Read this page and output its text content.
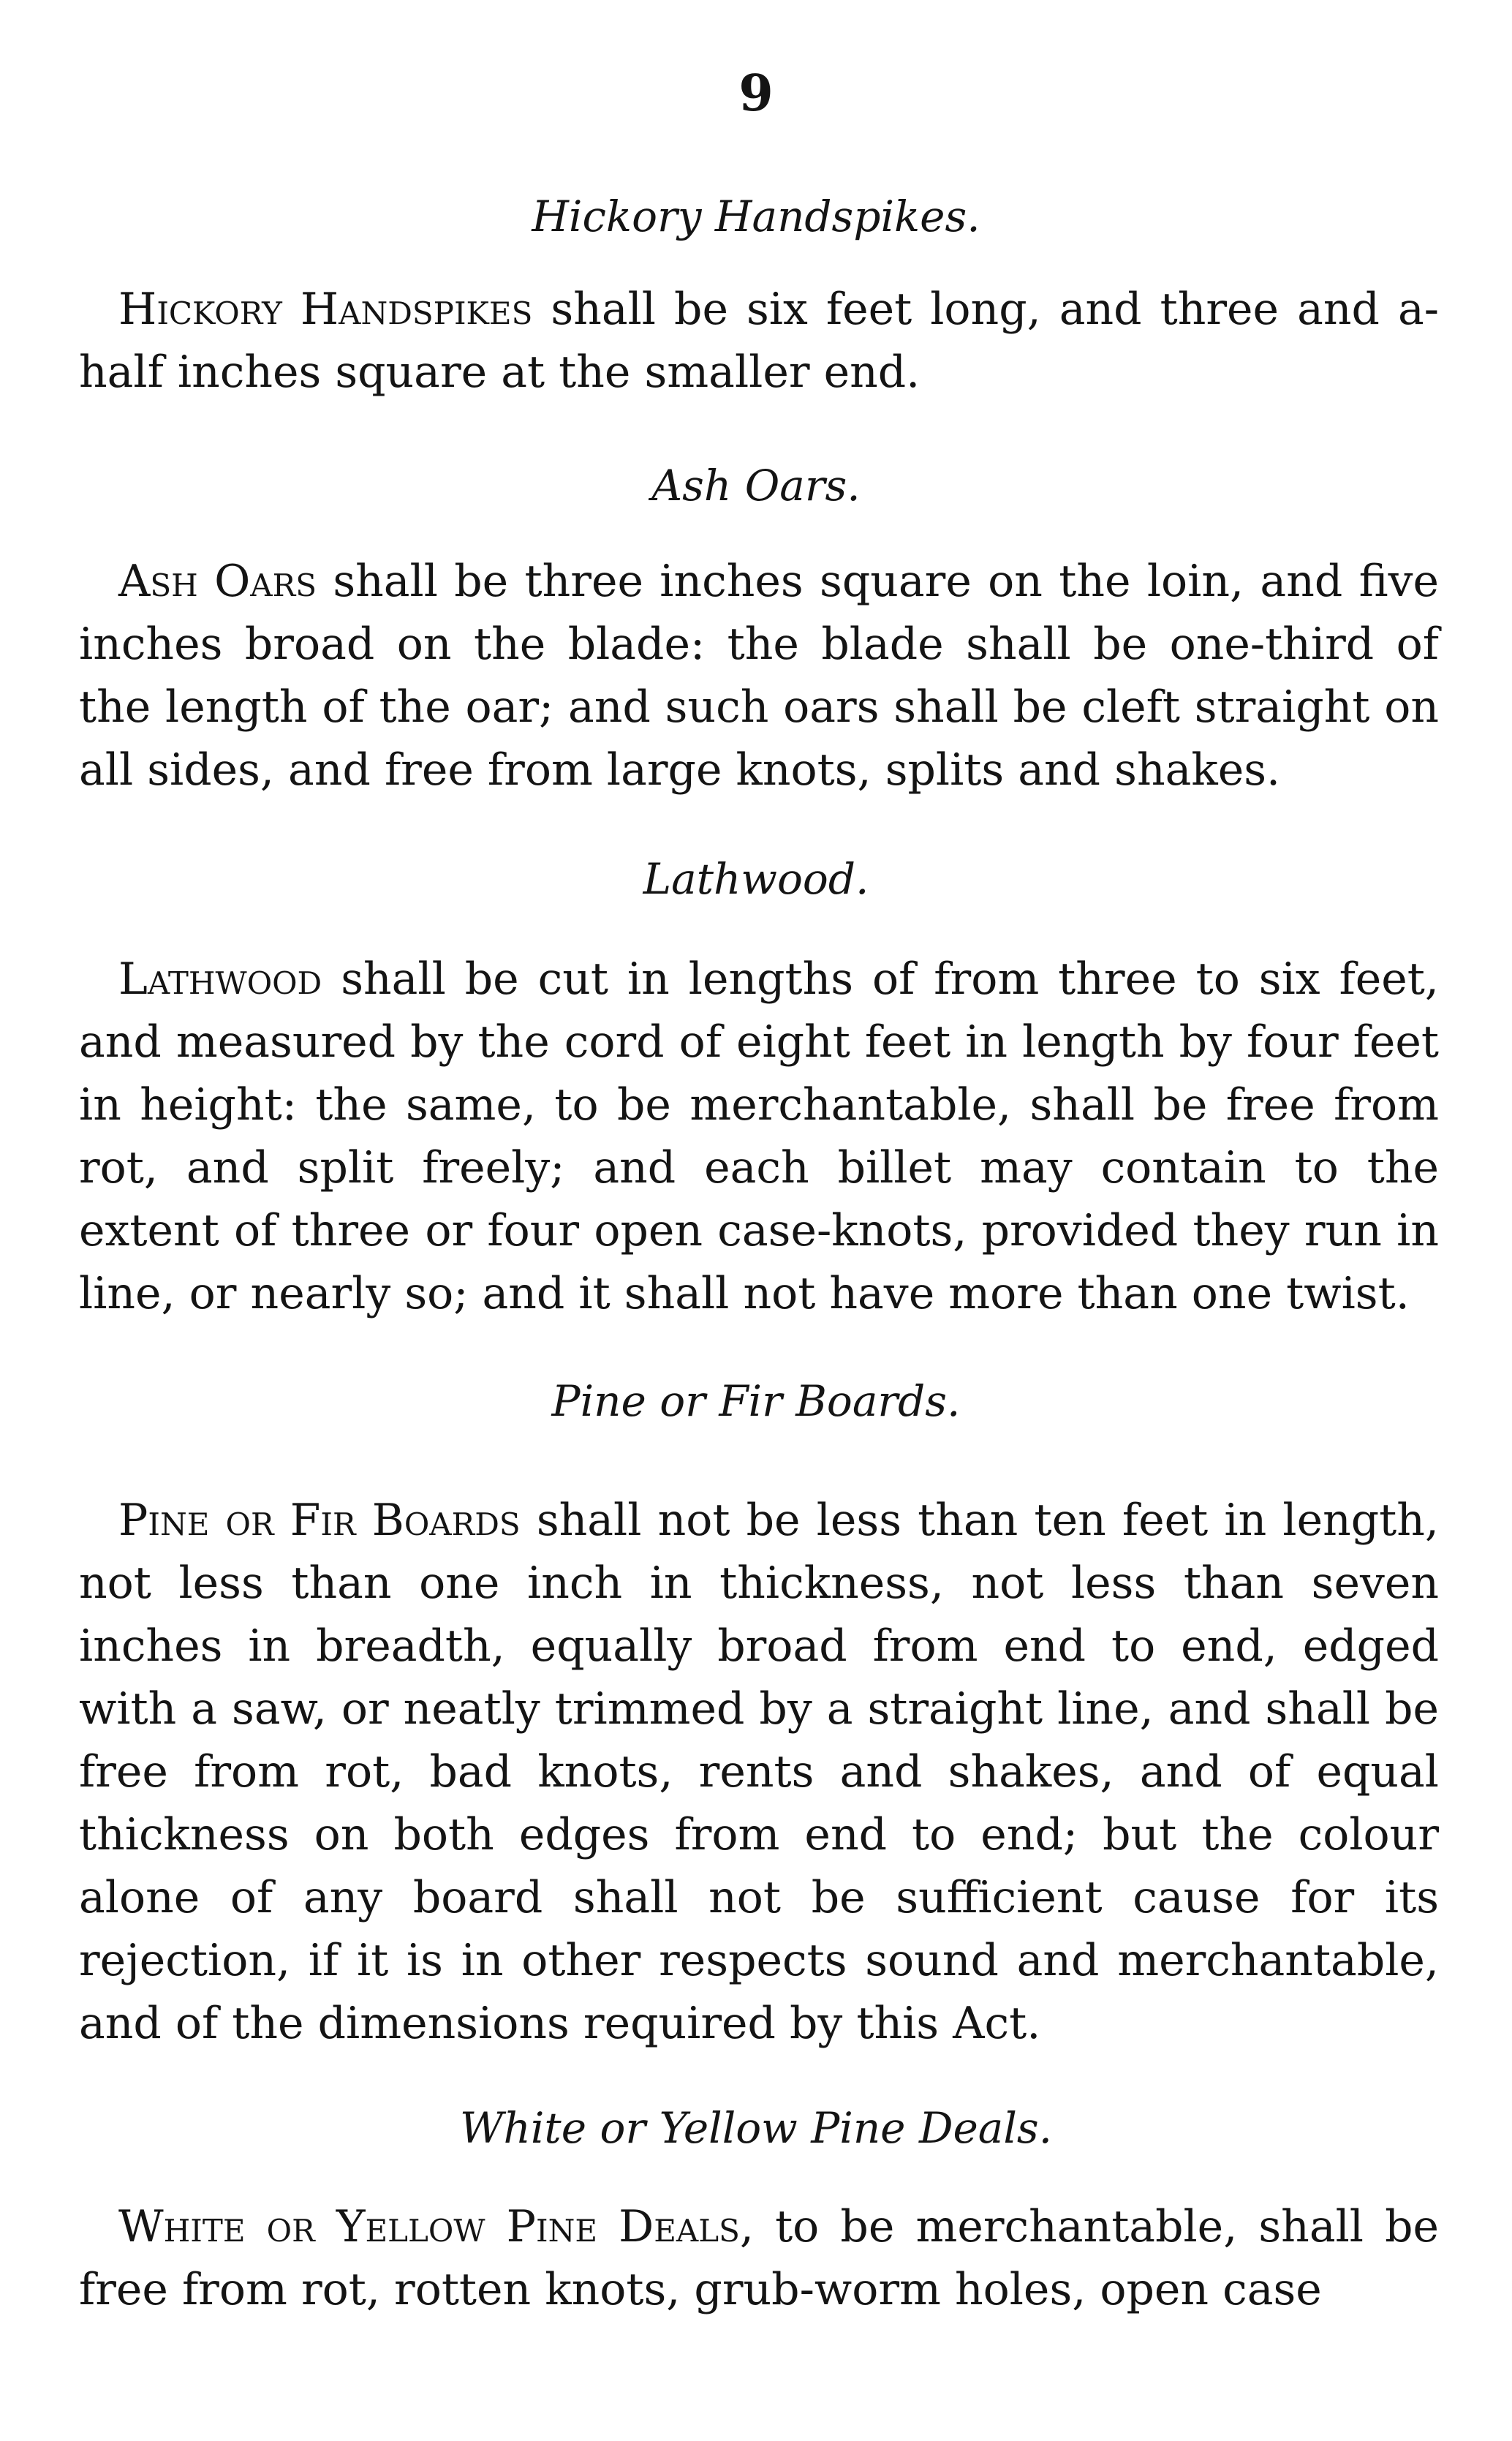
9
Hickory Handspikes.
Hickory Handspikes shall be six feet long, and three and a-half inches square at the smaller end.
Ash Oars.
Ash Oars shall be three inches square on the loin, and five inches broad on the blade: the blade shall be one-third of the length of the oar; and such oars shall be cleft straight on all sides, and free from large knots, splits and shakes.
Lathwood.
Lathwood shall be cut in lengths of from three to six feet, and measured by the cord of eight feet in length by four feet in height: the same, to be merchantable, shall be free from rot, and split freely; and each billet may contain to the extent of three or four open case-knots, provided they run in line, or nearly so; and it shall not have more than one twist.
Pine or Fir Boards.
Pine or Fir Boards shall not be less than ten feet in length, not less than one inch in thickness, not less than seven inches in breadth, equally broad from end to end, edged with a saw, or neatly trimmed by a straight line, and shall be free from rot, bad knots, rents and shakes, and of equal thickness on both edges from end to end; but the colour alone of any board shall not be sufficient cause for its rejection, if it is in other respects sound and merchantable, and of the dimensions required by this Act.
White or Yellow Pine Deals.
White or Yellow Pine Deals, to be merchantable, shall be free from rot, rotten knots, grub-worm holes, open case
